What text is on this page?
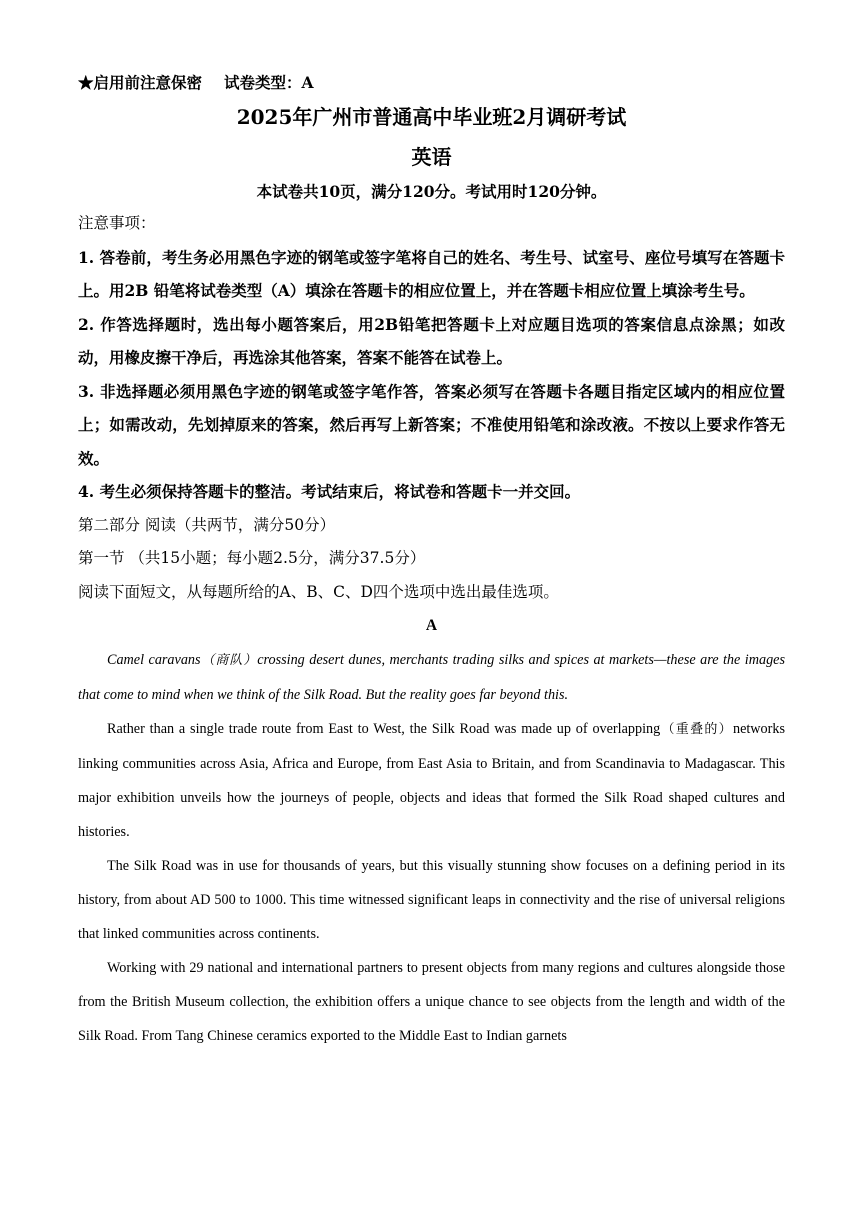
★启用前注意保密 试卷类型：A
2025年广州市普通高中毕业班2月调研考试
英语
本试卷共10页，满分120分。考试用时120分钟。
注意事项：

1. 答卷前，考生务必用黑色字迹的钢笔或签字笔将自己的姓名、考生号、试室号、座位号填写在答题卡上。用2B 铅笔将试卷类型（A）填涂在答题卡的相应位置上，并在答题卡相应位置上填涂考生号。

2. 作答选择题时，选出每小题答案后，用2B铅笔把答题卡上对应题目选项的答案信息点涂黑；如改动，用橡皮擦干净后，再选涂其他答案，答案不能答在试卷上。

3. 非选择题必须用黑色字迹的钢笔或签字笔作答，答案必须写在答题卡各题目指定区域内的相应位置上；如需改动，先划掉原来的答案，然后再写上新答案；不准使用铅笔和涂改液。不按以上要求作答无效。

4. 考生必须保持答题卡的整洁。考试结束后，将试卷和答题卡一并交回。

第二部分 阅读（共两节，满分50分）

第一节 （共15小题；每小题2.5分，满分37.5分）

阅读下面短文，从每题所给的A、B、C、D四个选项中选出最佳选项。

A

Camel caravans（商队）crossing desert dunes, merchants trading silks and spices at markets—these are the images that come to mind when we think of the Silk Road. But the reality goes far beyond this.

Rather than a single trade route from East to West, the Silk Road was made up of overlapping（重叠的）networks linking communities across Asia, Africa and Europe, from East Asia to Britain, and from Scandinavia to Madagascar. This major exhibition unveils how the journeys of people, objects and ideas that formed the Silk Road shaped cultures and histories.

The Silk Road was in use for thousands of years, but this visually stunning show focuses on a defining period in its history, from about AD 500 to 1000. This time witnessed significant leaps in connectivity and the rise of universal religions that linked communities across continents.

Working with 29 national and international partners to present objects from many regions and cultures alongside those from the British Museum collection, the exhibition offers a unique chance to see objects from the length and width of the Silk Road. From Tang Chinese ceramics exported to the Middle East to Indian garnets
